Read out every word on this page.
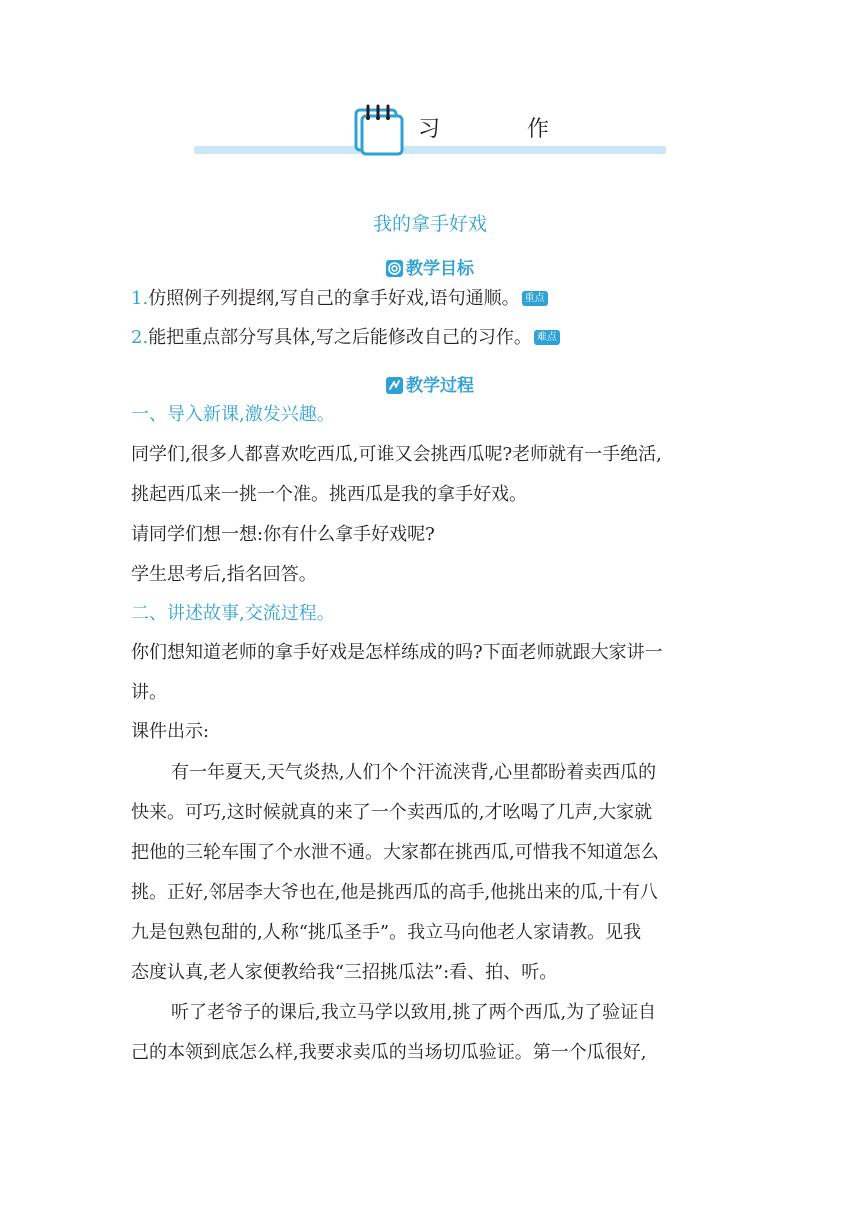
习 作
我的拿手好戏
教学目标
1.仿照例子列提纲,写自己的拿手好戏,语句通顺。 重点
2.能把重点部分写具体,写之后能修改自己的习作。 难点
教学过程
一、导入新课,激发兴趣。
同学们,很多人都喜欢吃西瓜,可谁又会挑西瓜呢?老师就有一手绝活,
挑起西瓜来一挑一个准。挑西瓜是我的拿手好戏。
请同学们想一想:你有什么拿手好戏呢?
学生思考后,指名回答。
二、讲述故事,交流过程。
你们想知道老师的拿手好戏是怎样练成的吗?下面老师就跟大家讲一
讲。
课件出示:
有一年夏天,天气炎热,人们个个汗流浃背,心里都盼着卖西瓜的
快来。可巧,这时候就真的来了一个卖西瓜的,才吆喝了几声,大家就
把他的三轮车围了个水泄不通。大家都在挑西瓜,可惜我不知道怎么
挑。正好,邻居李大爷也在,他是挑西瓜的高手,他挑出来的瓜,十有八
九是包熟包甜的,人称“挑瓜圣手”。我立马向他老人家请教。见我
态度认真,老人家便教给我“三招挑瓜法”:看、拍、听。
听了老爷子的课后,我立马学以致用,挑了两个西瓜,为了验证自
己的本领到底怎么样,我要求卖瓜的当场切瓜验证。第一个瓜很好,
